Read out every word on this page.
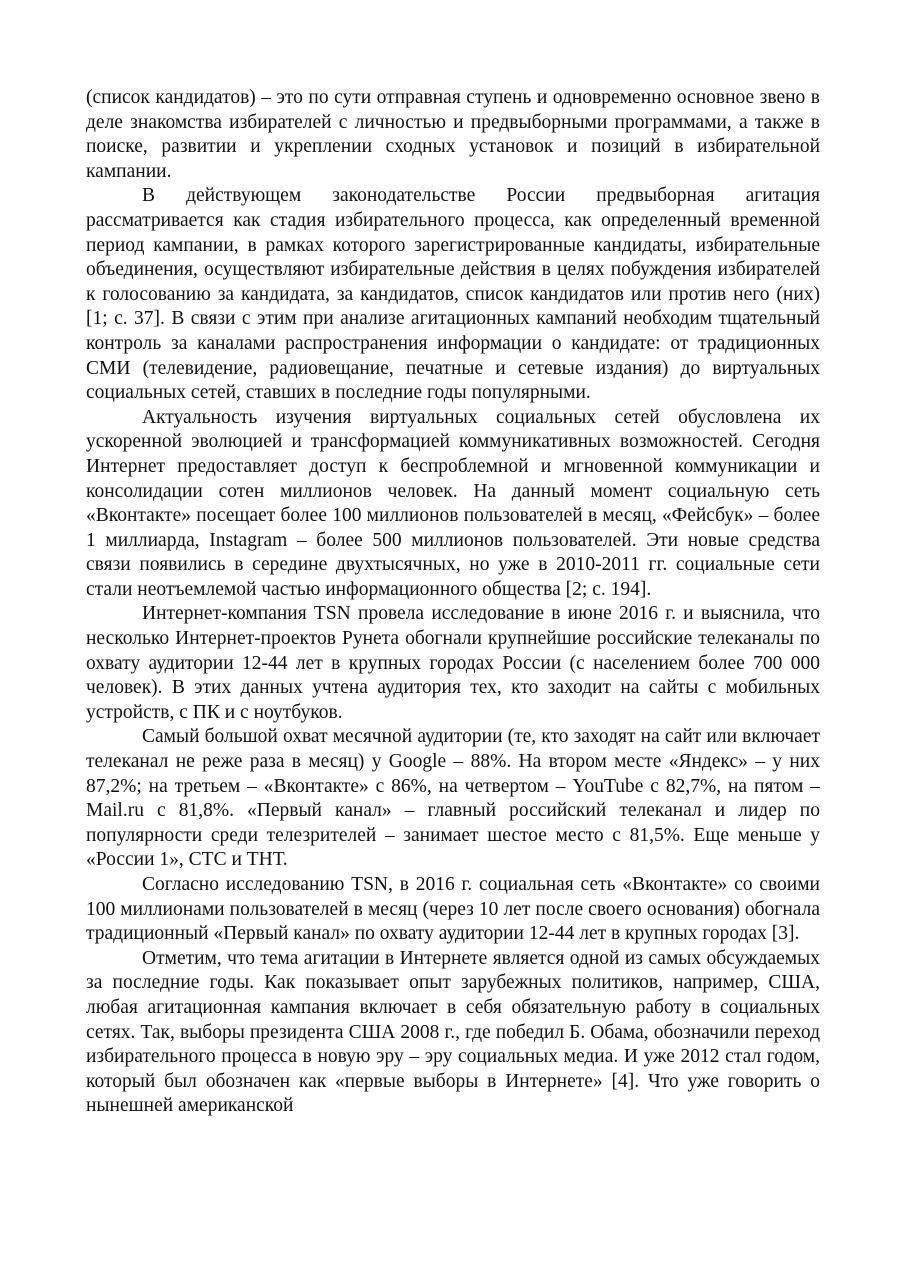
(список кандидатов) – это по сути отправная ступень и одновременно основное звено в деле знакомства избирателей с личностью и предвыборными программами, а также в поиске, развитии и укреплении сходных установок и позиций в избирательной кампании.

В действующем законодательстве России предвыборная агитация рассматривается как стадия избирательного процесса, как определенный временной период кампании, в рамках которого зарегистрированные кандидаты, избирательные объединения, осуществляют избирательные действия в целях побуждения избирателей к голосованию за кандидата, за кандидатов, список кандидатов или против него (них) [1; с. 37]. В связи с этим при анализе агитационных кампаний необходим тщательный контроль за каналами распространения информации о кандидате: от традиционных СМИ (телевидение, радиовещание, печатные и сетевые издания) до виртуальных социальных сетей, ставших в последние годы популярными.

Актуальность изучения виртуальных социальных сетей обусловлена их ускоренной эволюцией и трансформацией коммуникативных возможностей. Сегодня Интернет предоставляет доступ к беспроблемной и мгновенной коммуникации и консолидации сотен миллионов человек. На данный момент социальную сеть «Вконтакте» посещает более 100 миллионов пользователей в месяц, «Фейсбук» – более 1 миллиарда, Instagram – более 500 миллионов пользователей. Эти новые средства связи появились в середине двухтысячных, но уже в 2010-2011 гг. социальные сети стали неотъемлемой частью информационного общества [2; с. 194].

Интернет-компания TSN провела исследование в июне 2016 г. и выяснила, что несколько Интернет-проектов Рунета обогнали крупнейшие российские телеканалы по охвату аудитории 12-44 лет в крупных городах России (с населением более 700 000 человек). В этих данных учтена аудитория тех, кто заходит на сайты с мобильных устройств, с ПК и с ноутбуков.

Самый большой охват месячной аудитории (те, кто заходят на сайт или включает телеканал не реже раза в месяц) у Google – 88%. На втором месте «Яндекс» – у них 87,2%; на третьем – «Вконтакте» с 86%, на четвертом – YouTube с 82,7%, на пятом – Mail.ru с 81,8%. «Первый канал» – главный российский телеканал и лидер по популярности среди телезрителей – занимает шестое место с 81,5%. Еще меньше у «России 1», СТС и ТНТ.

Согласно исследованию TSN, в 2016 г. социальная сеть «Вконтакте» со своими 100 миллионами пользователей в месяц (через 10 лет после своего основания) обогнала традиционный «Первый канал» по охвату аудитории 12-44 лет в крупных городах [3].

Отметим, что тема агитации в Интернете является одной из самых обсуждаемых за последние годы. Как показывает опыт зарубежных политиков, например, США, любая агитационная кампания включает в себя обязательную работу в социальных сетях. Так, выборы президента США 2008 г., где победил Б. Обама, обозначили переход избирательного процесса в новую эру – эру социальных медиа. И уже 2012 стал годом, который был обозначен как «первые выборы в Интернете» [4]. Что уже говорить о нынешней американской
